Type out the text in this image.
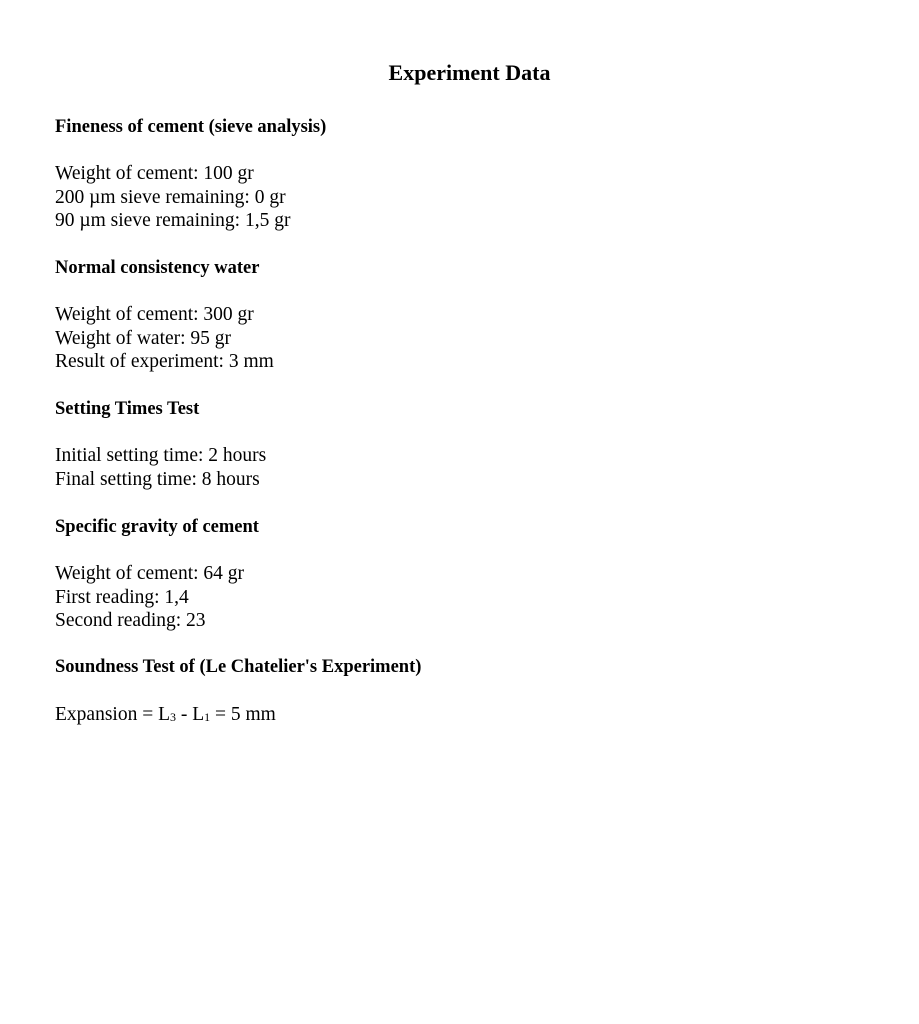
Experiment Data
Fineness of cement (sieve analysis)
Weight of cement: 100 gr
200 µm sieve remaining: 0 gr
90 µm sieve remaining: 1,5 gr
Normal consistency water
Weight of cement: 300 gr
Weight of water: 95 gr
Result of experiment: 3 mm
Setting Times Test
Initial setting time: 2 hours
Final setting time: 8 hours
Specific gravity of cement
Weight of cement: 64 gr
First reading: 1,4
Second reading: 23
Soundness Test of (Le Chatelier's Experiment)
Expansion = L3 - L1 = 5 mm
